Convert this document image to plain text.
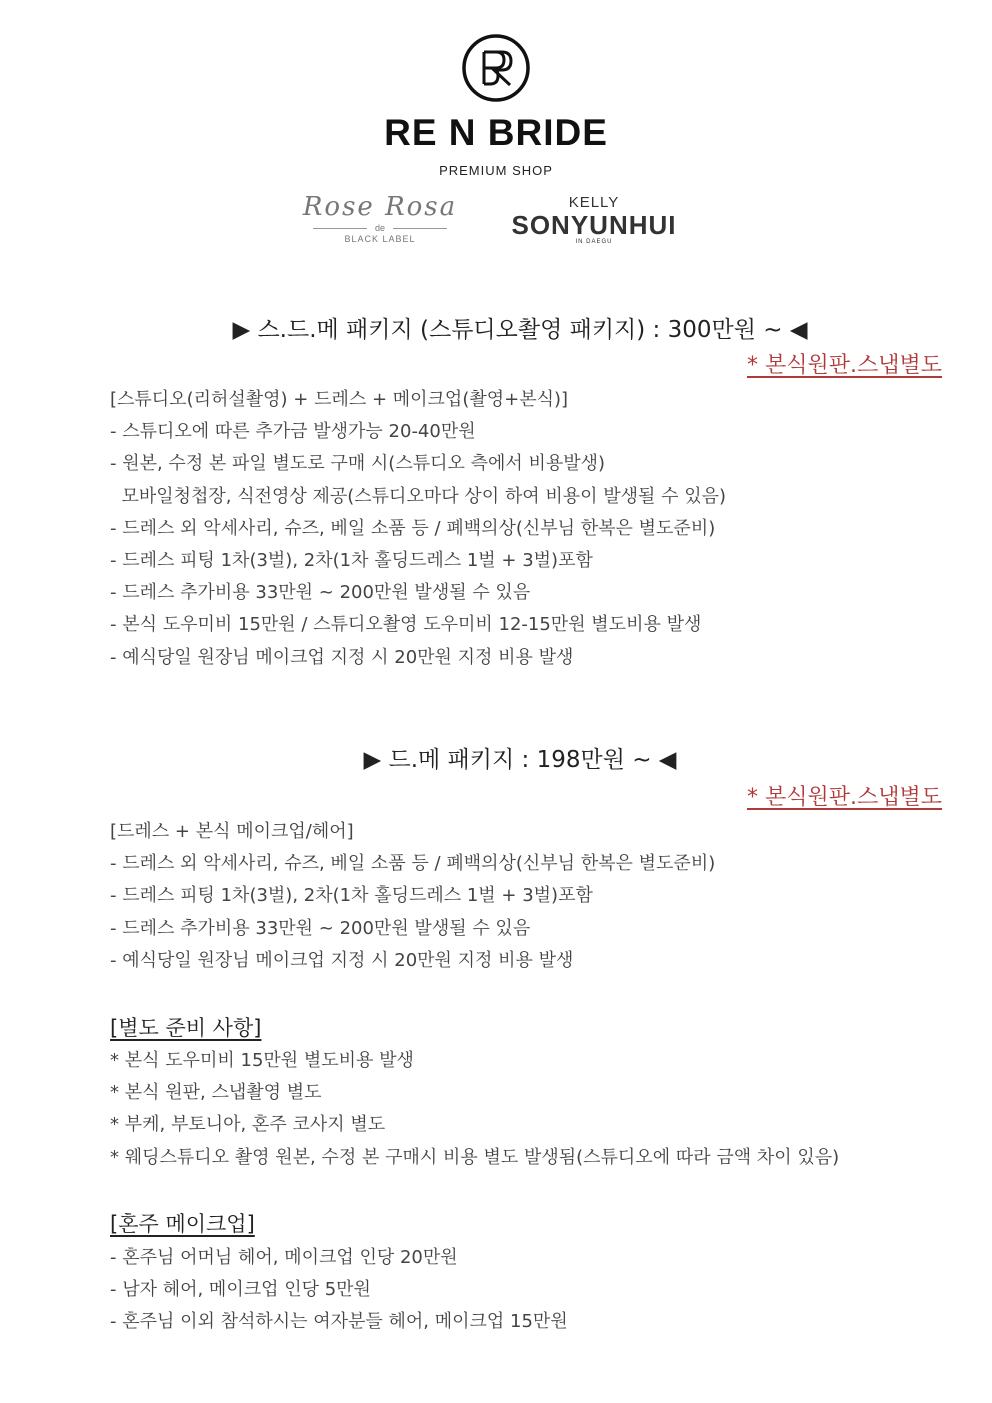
RE N BRIDE
PREMIUM SHOP
Rose Rosa
de
BLACK LABEL
KELLY
SONYUNHUI
IN DAEGU
▶ 스.드.메 패키지 (스튜디오촬영 패키지) : 300만원 ~ ◀
* 본식원판.스냅별도
[스튜디오(리허설촬영) + 드레스 + 메이크업(촬영+본식)]
- 스튜디오에 따른 추가금 발생가능 20-40만원
- 원본, 수정 본 파일 별도로 구매 시(스튜디오 측에서 비용발생)
모바일청첩장, 식전영상 제공(스튜디오마다 상이 하여 비용이 발생될 수 있음)
- 드레스 외 악세사리, 슈즈, 베일 소품 등 / 폐백의상(신부님 한복은 별도준비)
- 드레스 피팅 1차(3벌), 2차(1차 홀딩드레스 1벌 + 3벌)포함
- 드레스 추가비용 33만원 ~ 200만원 발생될 수 있음
- 본식 도우미비 15만원 / 스튜디오촬영 도우미비 12-15만원 별도비용 발생
- 예식당일 원장님 메이크업 지정 시 20만원 지정 비용 발생
▶ 드.메 패키지 : 198만원 ~ ◀
* 본식원판.스냅별도
[드레스 + 본식 메이크업/헤어]
- 드레스 외 악세사리, 슈즈, 베일 소품 등 / 폐백의상(신부님 한복은 별도준비)
- 드레스 피팅 1차(3벌), 2차(1차 홀딩드레스 1벌 + 3벌)포함
- 드레스 추가비용 33만원 ~ 200만원 발생될 수 있음
- 예식당일 원장님 메이크업 지정 시 20만원 지정 비용 발생
[별도 준비 사항]
* 본식 도우미비 15만원 별도비용 발생
* 본식 원판, 스냅촬영 별도
* 부케, 부토니아, 혼주 코사지 별도
* 웨딩스튜디오 촬영 원본, 수정 본 구매시 비용 별도 발생됨(스튜디오에 따라 금액 차이 있음)
[혼주 메이크업]
- 혼주님 어머님 헤어, 메이크업 인당 20만원
- 남자 헤어, 메이크업 인당 5만원
- 혼주님 이외 참석하시는 여자분들 헤어, 메이크업 15만원
